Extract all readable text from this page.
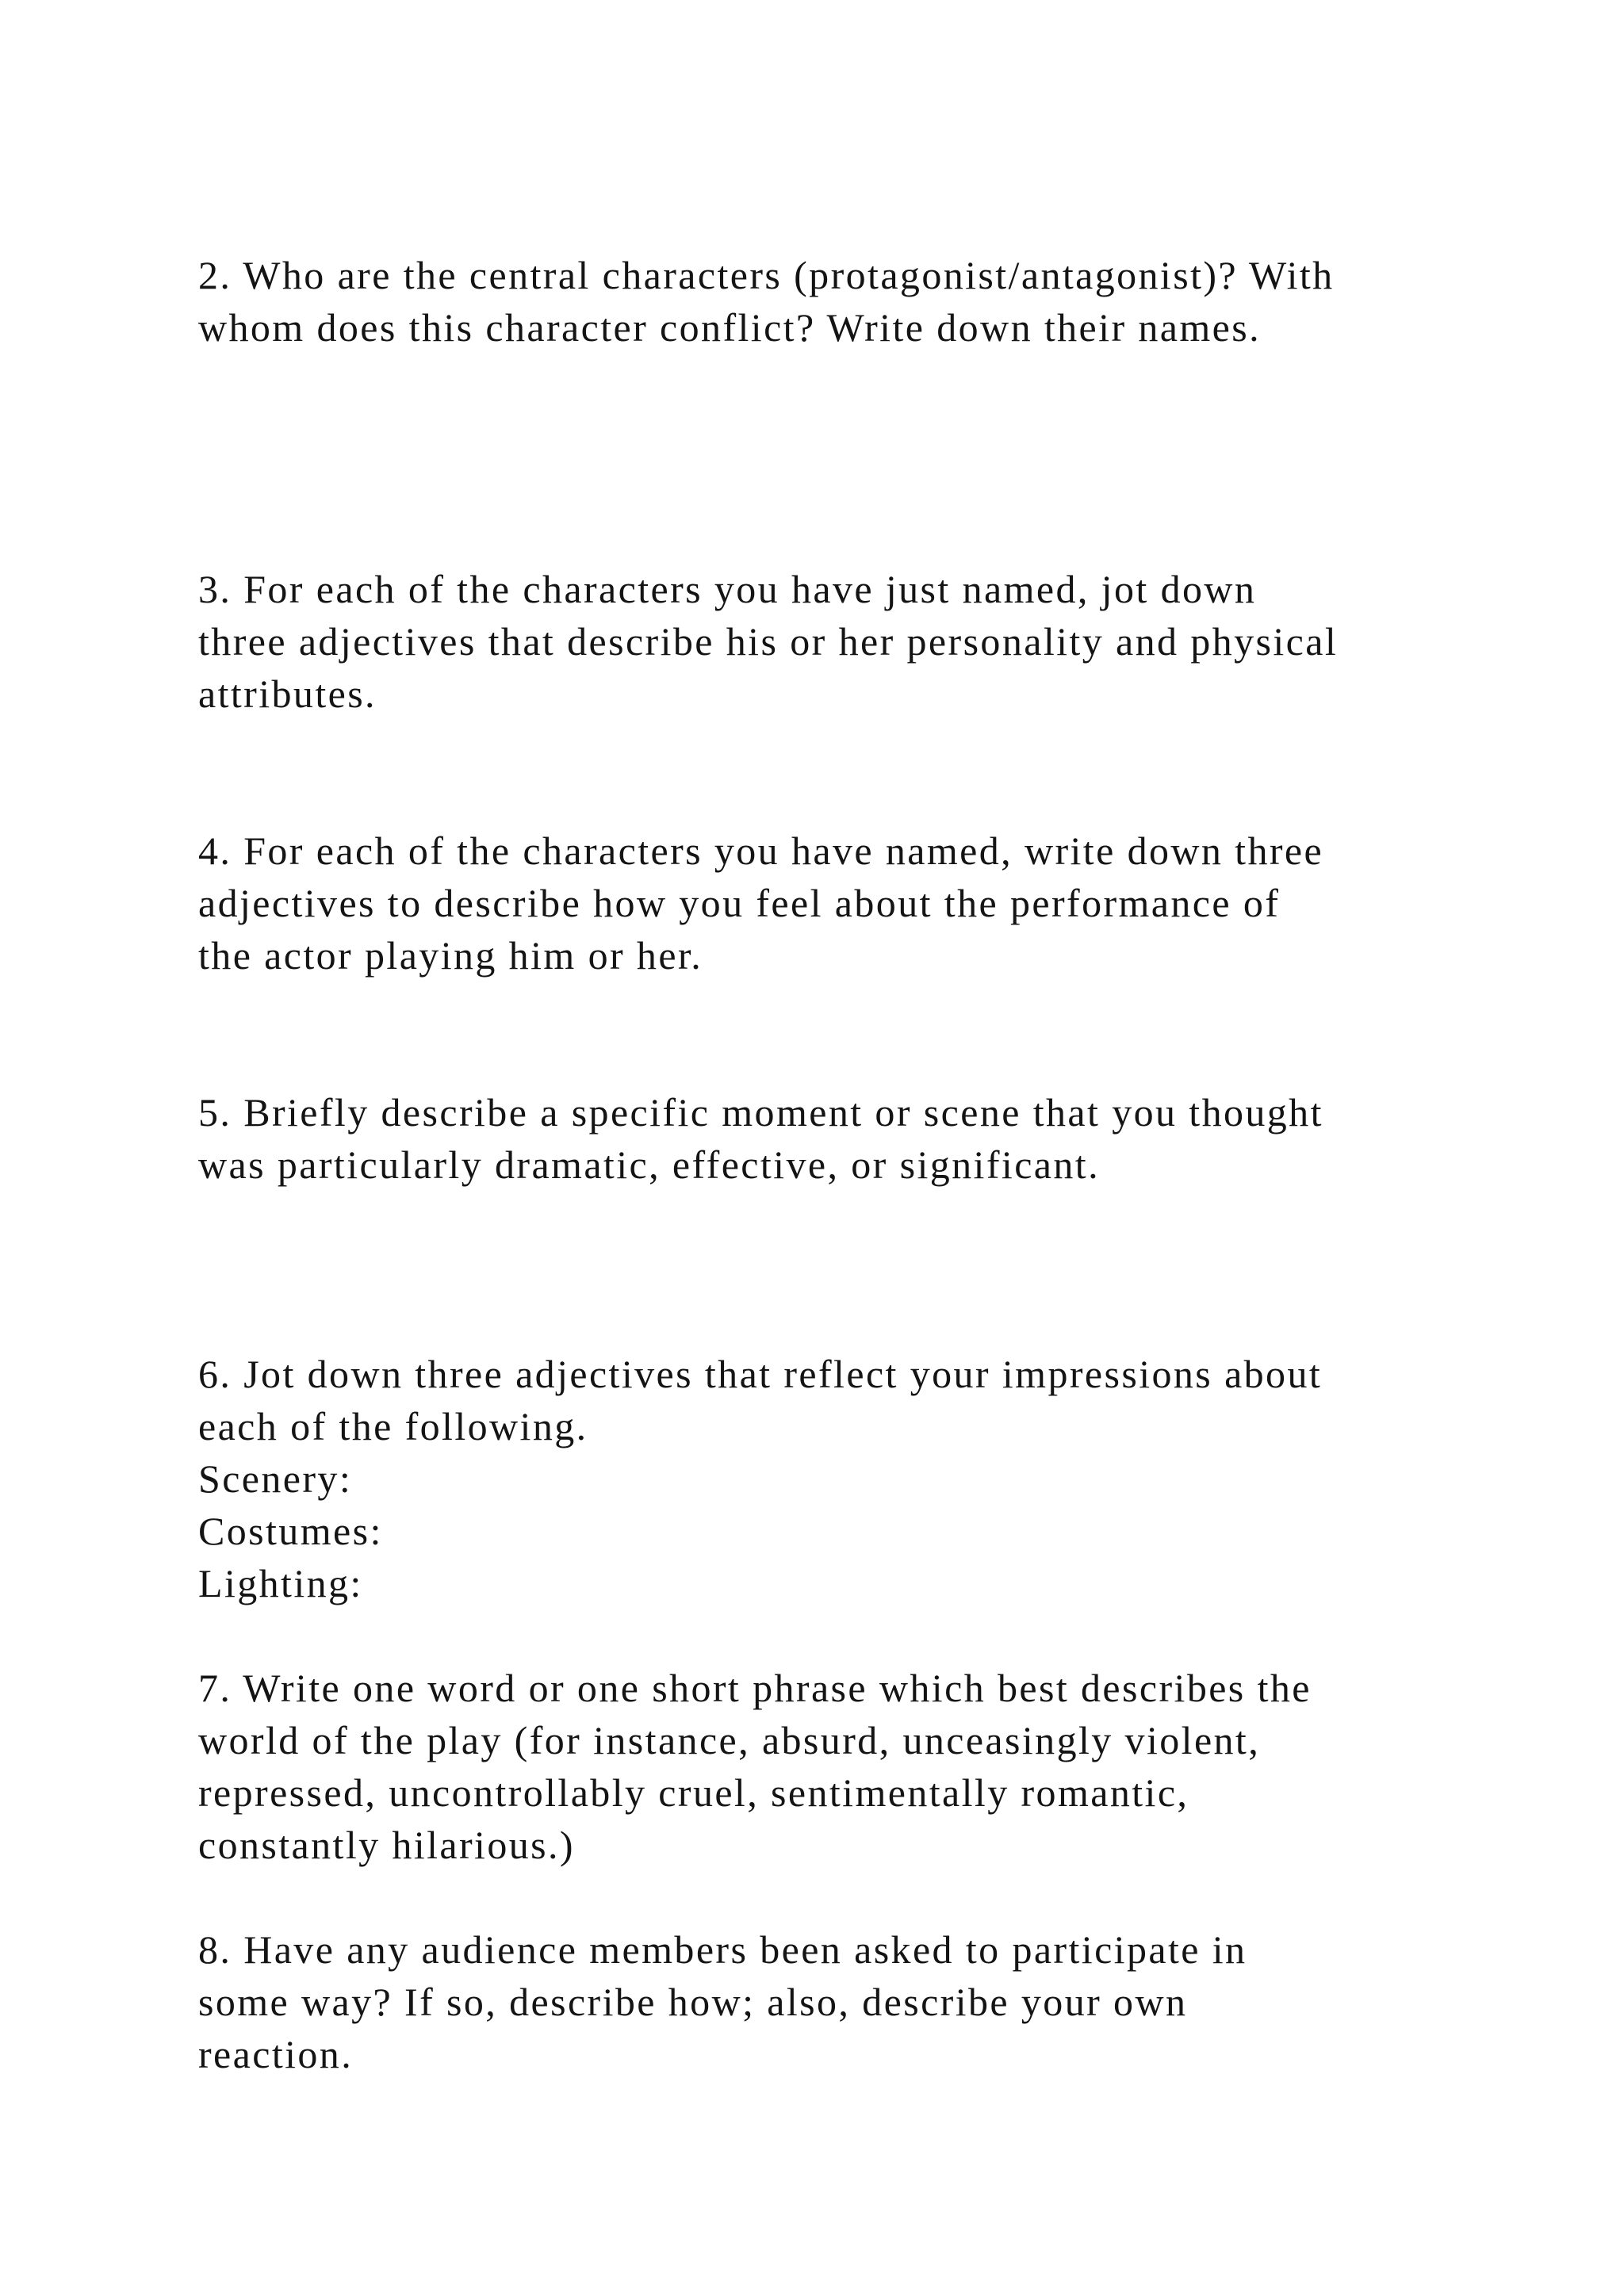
2. Who are the central characters (protagonist/antagonist)? With

whom does this character conflict? Write down their names.

3. For each of the characters you have just named, jot down

three adjectives that describe his or her personality and physical

attributes.

4. For each of the characters you have named, write down three

adjectives to describe how you feel about the performance of

the actor playing him or her.

5. Briefly describe a specific moment or scene that you thought

was particularly dramatic, effective, or significant.

6. Jot down three adjectives that reflect your impressions about

each of the following.

Scenery:

Costumes:

Lighting:

7. Write one word or one short phrase which best describes the

world of the play (for instance, absurd, unceasingly violent,

repressed, uncontrollably cruel, sentimentally romantic,

constantly hilarious.)

8. Have any audience members been asked to participate in

some way? If so, describe how; also, describe your own

reaction.
